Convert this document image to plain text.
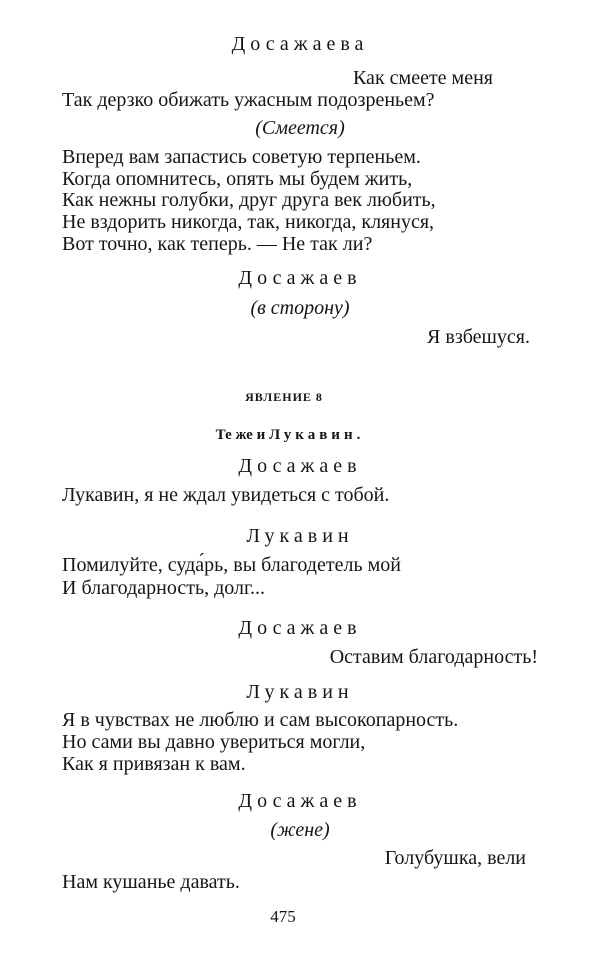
Досажаева
Как смеете меня
Так дерзко обижать ужасным подозреньем?
(Смеется)
Вперед вам запастись советую терпеньем.
Когда опомнитесь, опять мы будем жить,
Как нежны голубки, друг друга век любить,
Не вздорить никогда, так, никогда, клянуся,
Вот точно, как теперь. — Не так ли?
Досажаев
(в сторону)
Я взбешуся.
ЯВЛЕНИЕ 8
Те же и Лукавин.
Досажаев
Лукавин, я не ждал увидеться с тобой.
Лукавин
Помилуйте, суда́рь, вы благодетель мой
И благодарность, долг...
Досажаев
Оставим благодарность!
Лукавин
Я в чувствах не люблю и сам высокопарность.
Но сами вы давно увериться могли,
Как я привязан к вам.
Досажаев
(жене)
Голубушка, вели
Нам кушанье давать.
475
